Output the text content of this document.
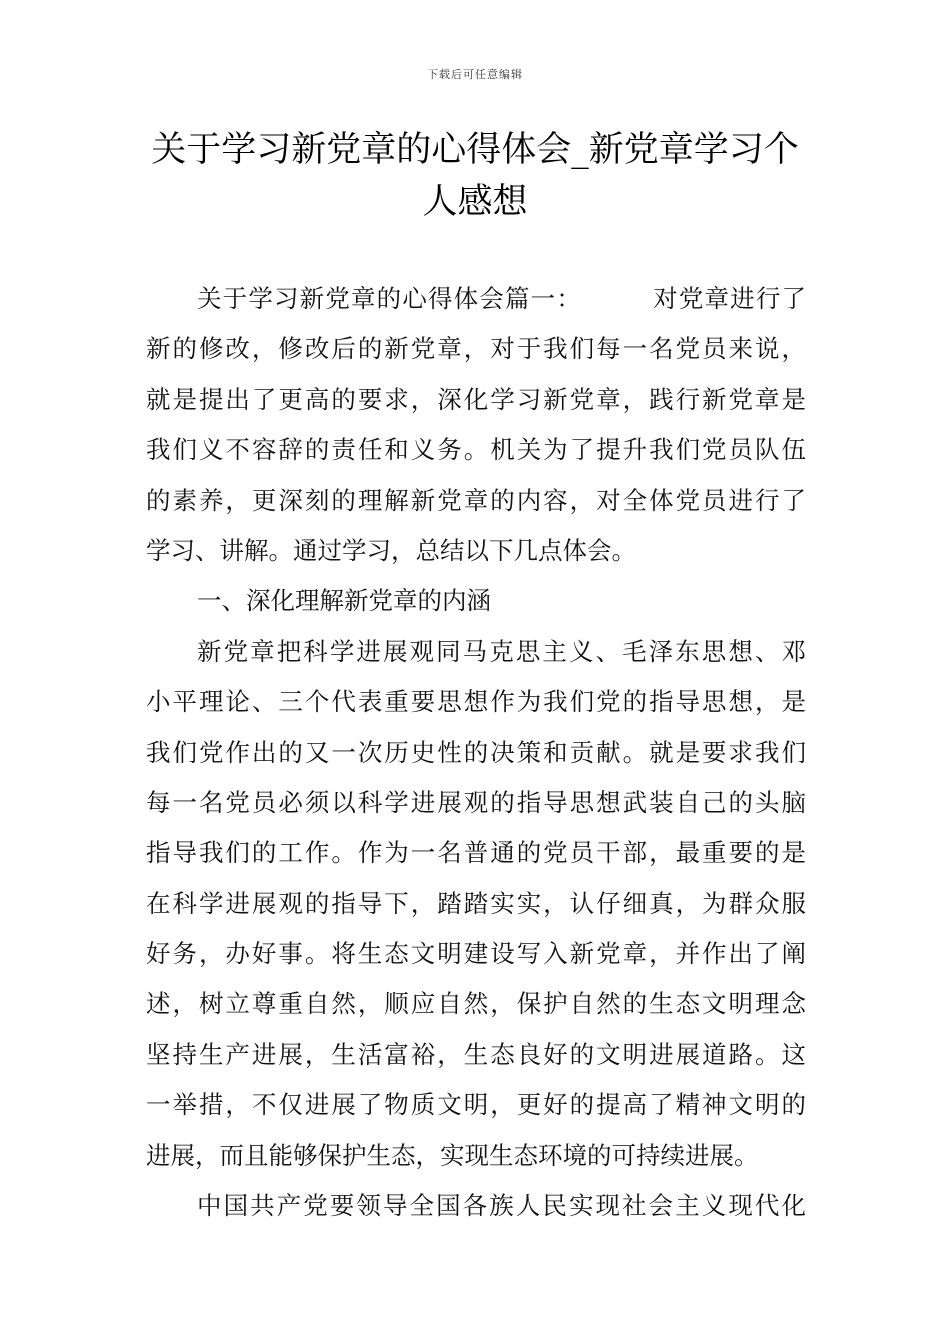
下载后可任意编辑
关于学习新党章的心得体会_新党章学习个人感想
关于学习新党章的心得体会篇一：	对党章进行了
新的修改，修改后的新党章，对于我们每一名党员来说，
就是提出了更高的要求，深化学习新党章，践行新党章是
我们义不容辞的责任和义务。机关为了提升我们党员队伍
的素养，更深刻的理解新党章的内容，对全体党员进行了
学习、讲解。通过学习，总结以下几点体会。
一、深化理解新党章的内涵
新党章把科学进展观同马克思主义、毛泽东思想、邓
小平理论、三个代表重要思想作为我们党的指导思想，是
我们党作出的又一次历史性的决策和贡献。就是要求我们
每一名党员必须以科学进展观的指导思想武装自己的头脑
指导我们的工作。作为一名普通的党员干部，最重要的是
在科学进展观的指导下，踏踏实实，认仔细真，为群众服
好务，办好事。将生态文明建设写入新党章，并作出了阐
述，树立尊重自然，顺应自然，保护自然的生态文明理念
坚持生产进展，生活富裕，生态良好的文明进展道路。这
一举措，不仅进展了物质文明，更好的提高了精神文明的
进展，而且能够保护生态，实现生态环境的可持续进展。
中国共产党要领导全国各族人民实现社会主义现代化
